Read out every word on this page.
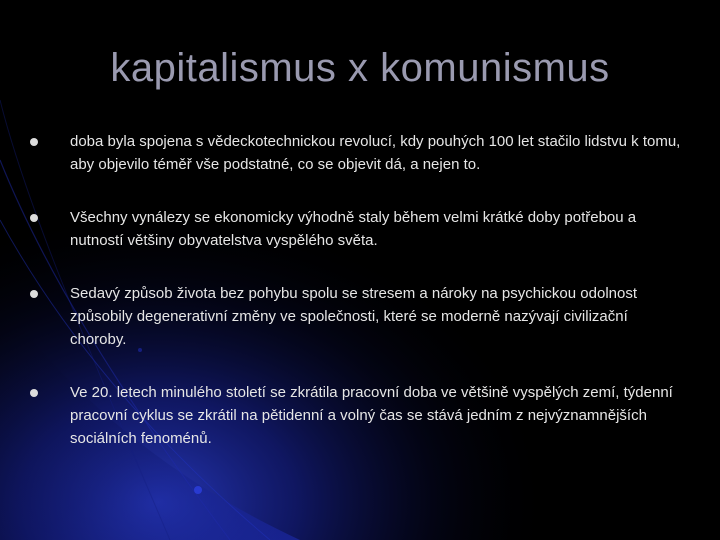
kapitalismus x komunismus
doba byla spojena s vědeckotechnickou revolucí, kdy pouhých 100 let stačilo lidstvu k tomu, aby objevilo téměř vše podstatné, co se objevit dá, a nejen to.
Všechny vynálezy se ekonomicky výhodně staly během velmi krátké doby potřebou a nutností většiny obyvatelstva vyspělého světa.
Sedavý způsob života bez pohybu spolu se stresem a nároky na psychickou odolnost způsobily degenerativní změny ve společnosti, které se moderně nazývají civilizační choroby.
Ve 20. letech minulého století se zkrátila pracovní doba ve většině vyspělých zemí, týdenní pracovní cyklus se zkrátil na pětidenní a volný čas se stává jedním z nejvýznamnějších sociálních fenoménů.
